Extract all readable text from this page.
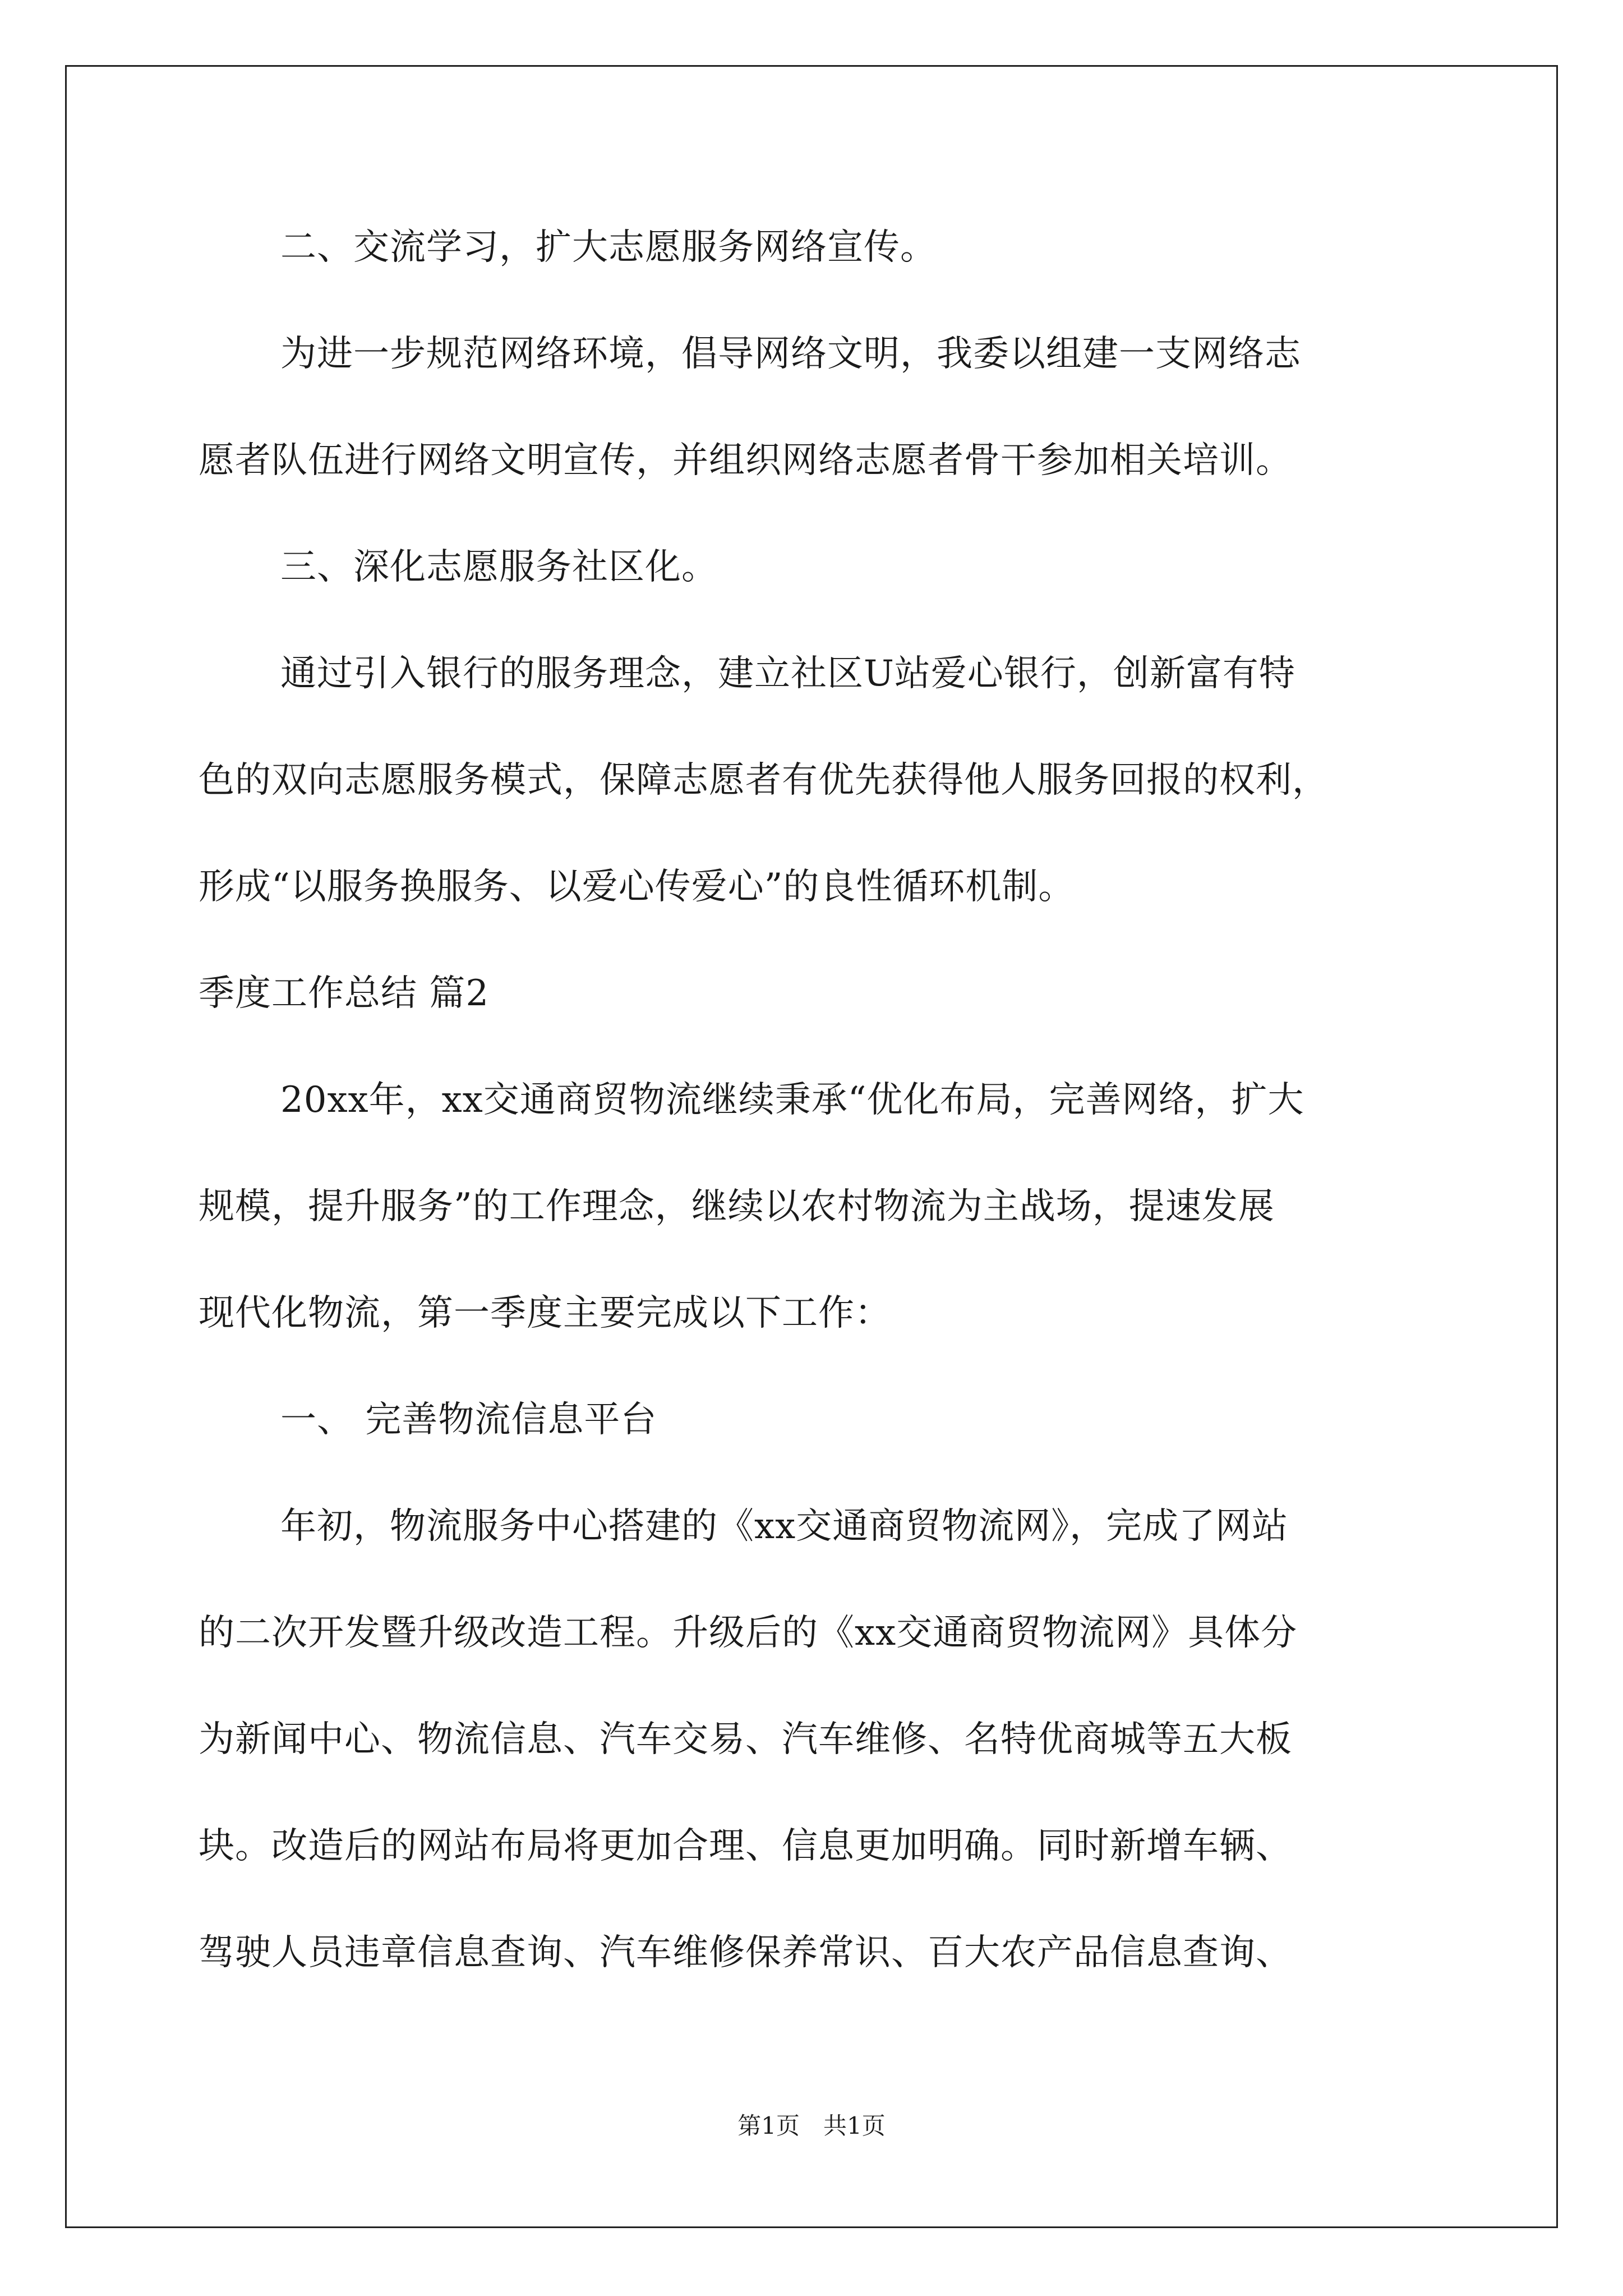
二、交流学习，扩大志愿服务网络宣传。
为进一步规范网络环境，倡导网络文明，我委以组建一支网络志
愿者队伍进行网络文明宣传，并组织网络志愿者骨干参加相关培训。
三、深化志愿服务社区化。
通过引入银行的服务理念，建立社区U站爱心银行，创新富有特
色的双向志愿服务模式，保障志愿者有优先获得他人服务回报的权利，
形成“以服务换服务、以爱心传爱心”的良性循环机制。
季度工作总结 篇2
20xx年，xx交通商贸物流继续秉承“优化布局，完善网络，扩大
规模，提升服务”的工作理念，继续以农村物流为主战场，提速发展
现代化物流，第一季度主要完成以下工作：
一、 完善物流信息平台
年初，物流服务中心搭建的《xx交通商贸物流网》，完成了网站
的二次开发暨升级改造工程。升级后的《xx交通商贸物流网》具体分
为新闻中心、物流信息、汽车交易、汽车维修、名特优商城等五大板
块。改造后的网站布局将更加合理、信息更加明确。同时新增车辆、
驾驶人员违章信息查询、汽车维修保养常识、百大农产品信息查询、
第1页　共1页
